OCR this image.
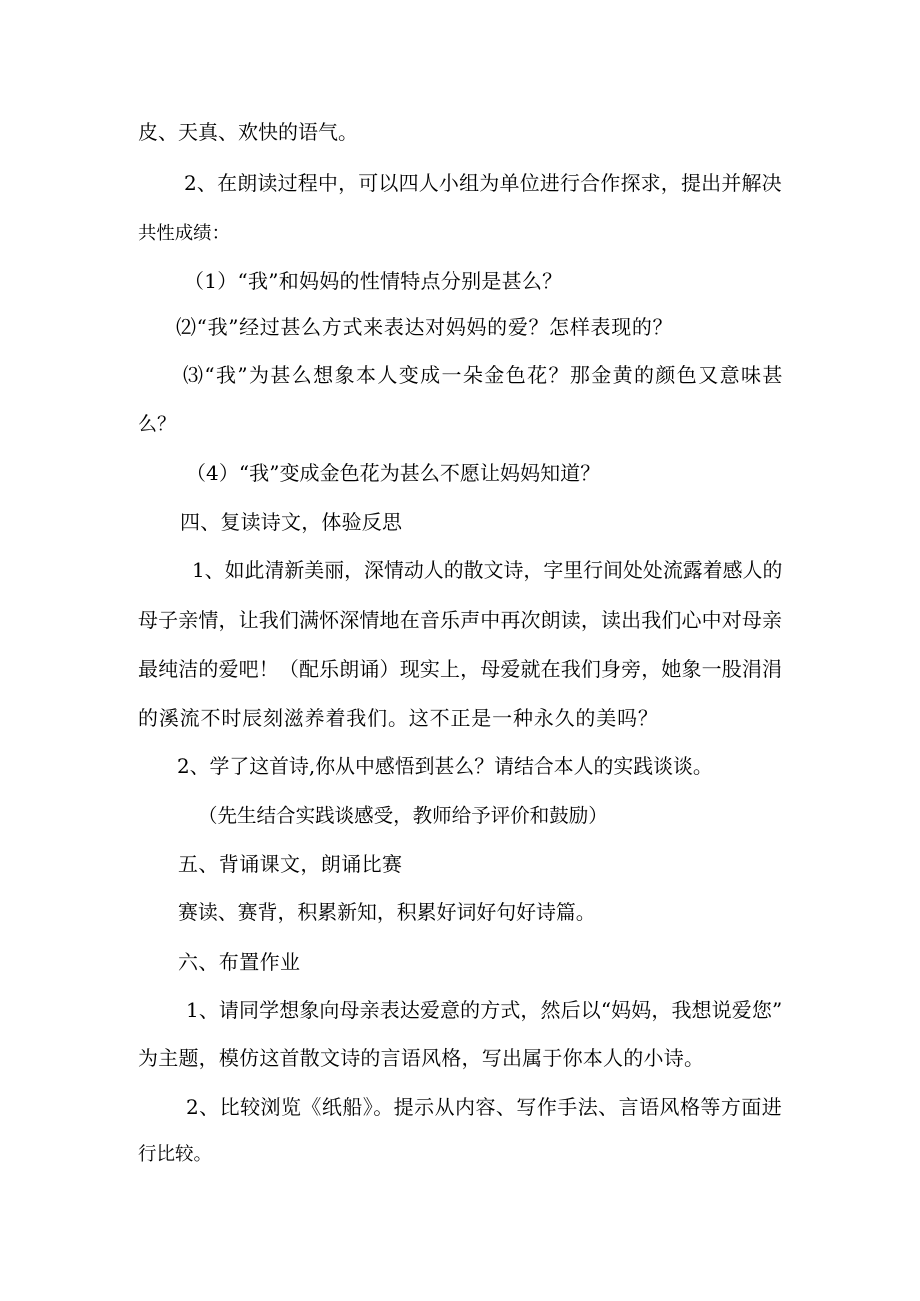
皮、天真、欢快的语气。
2、在朗读过程中，可以四人小组为单位进行合作探求，提出并解决
共性成绩：
（1）“我”和妈妈的性情特点分别是甚么？
⑵“我”经过甚么方式来表达对妈妈的爱？怎样表现的？
⑶“我”为甚么想象本人变成一朵金色花？那金黄的颜色又意味甚
么？
（4）“我”变成金色花为甚么不愿让妈妈知道？
四、复读诗文，体验反思
1、如此清新美丽，深情动人的散文诗，字里行间处处流露着感人的
母子亲情，让我们满怀深情地在音乐声中再次朗读，读出我们心中对母亲
最纯洁的爱吧！（配乐朗诵）现实上，母爱就在我们身旁，她象一股涓涓
的溪流不时辰刻滋养着我们。这不正是一种永久的美吗？
2、学了这首诗,你从中感悟到甚么？请结合本人的实践谈谈。
（先生结合实践谈感受，教师给予评价和鼓励）
五、背诵课文，朗诵比赛
赛读、赛背，积累新知，积累好词好句好诗篇。
六、布置作业
1、请同学想象向母亲表达爱意的方式，然后以“妈妈，我想说爱您”
为主题，模仿这首散文诗的言语风格，写出属于你本人的小诗。
2、比较浏览《纸船》。提示从内容、写作手法、言语风格等方面进
行比较。
